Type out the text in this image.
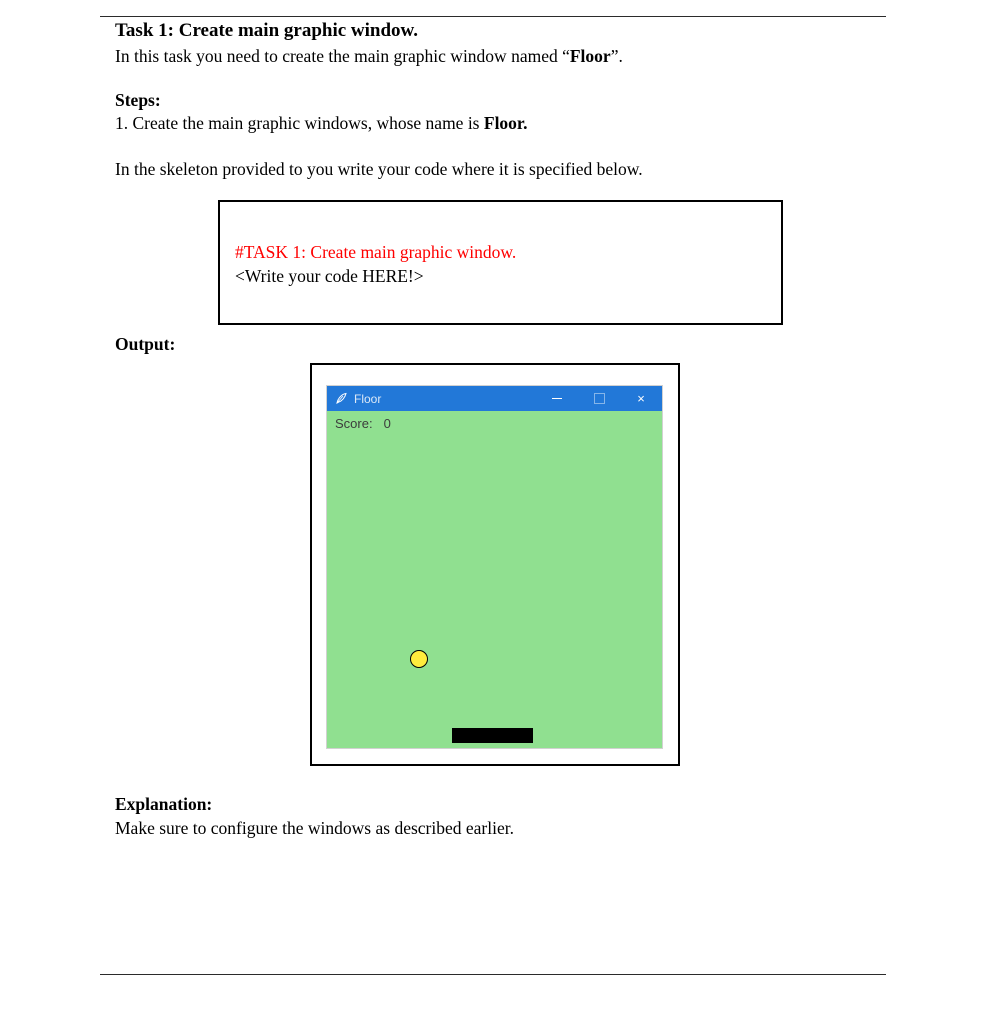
Task 1: Create main graphic window.

In this task you need to create the main graphic window named “Floor”.

Steps:

1. Create the main graphic windows, whose name is Floor.

In the skeleton provided to you write your code where it is specified below.

#TASK 1: Create main graphic window.
<Write your code HERE!>

Output:

Floor	×
Score: 0

Explanation:

Make sure to configure the windows as described earlier.
